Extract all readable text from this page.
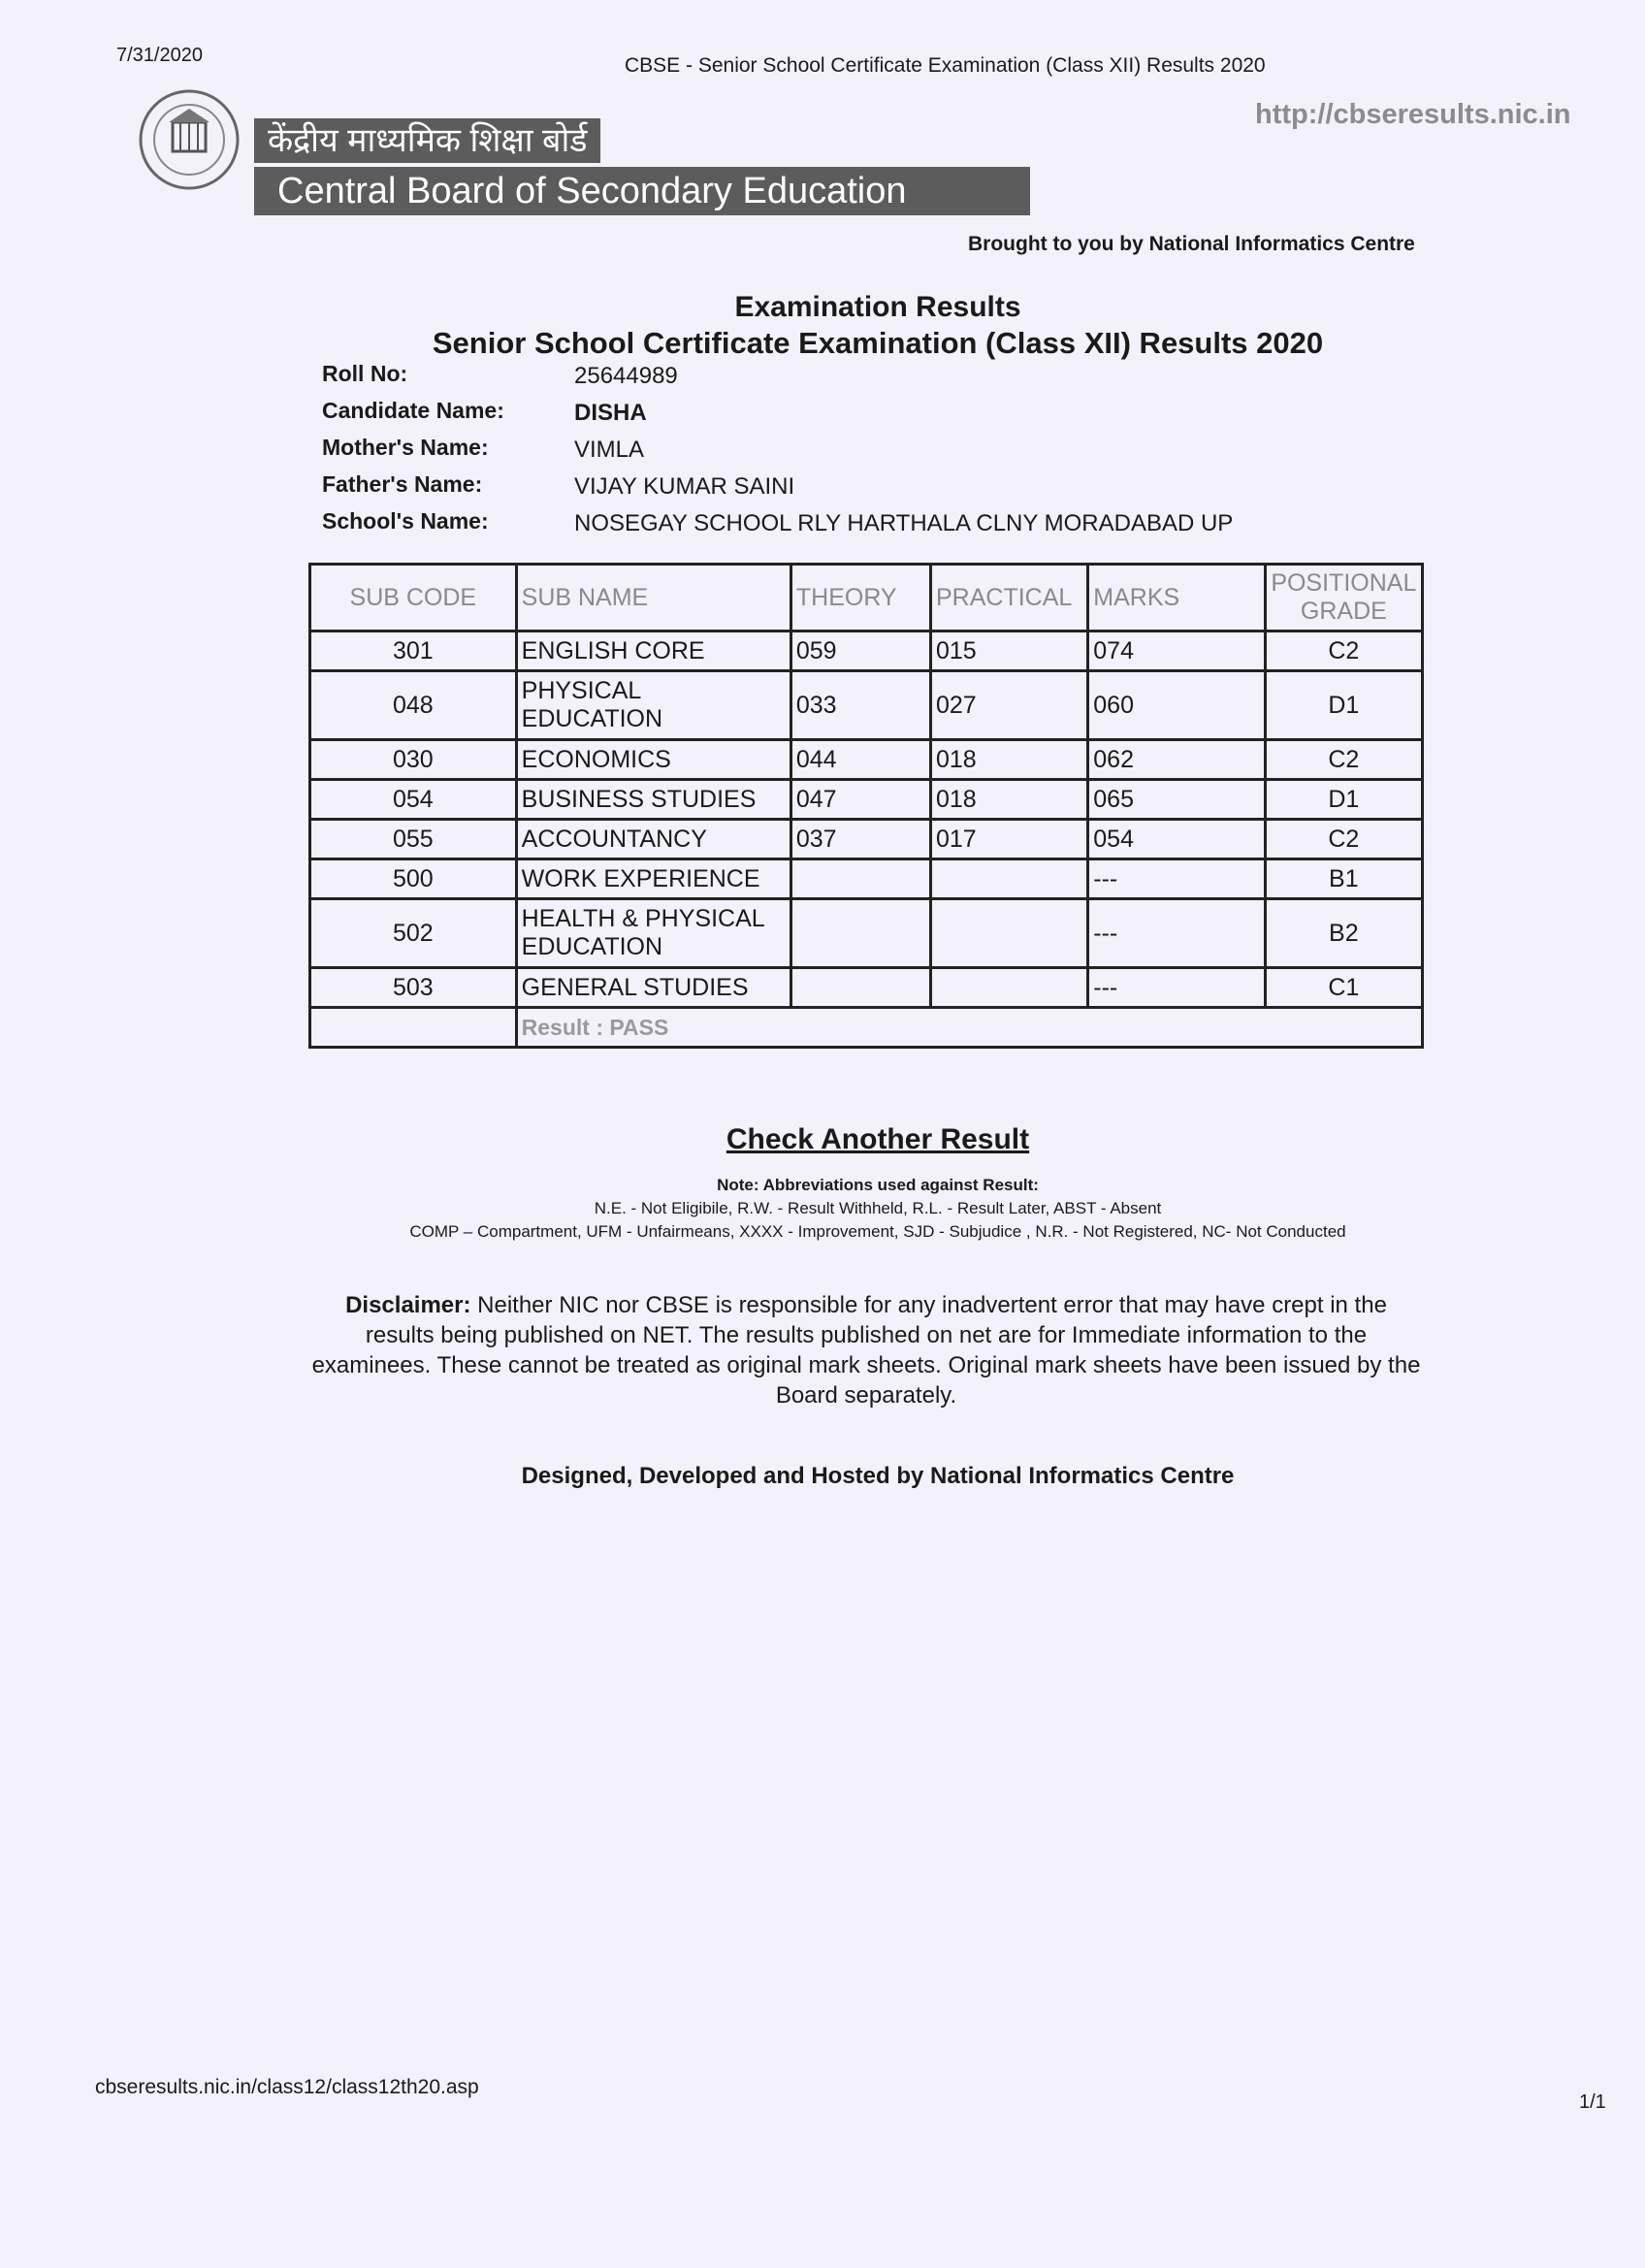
7/31/2020	CBSE - Senior School Certificate Examination (Class XII) Results 2020
http://cbseresults.nic.in
केंद्रीय माध्यमिक शिक्षा बोर्ड
Central Board of Secondary Education
Brought to you by National Informatics Centre
Examination Results
Senior School Certificate Examination (Class XII) Results 2020
Roll No:	25644989
Candidate Name:	DISHA
Mother's Name:	VIMLA
Father's Name:	VIJAY KUMAR SAINI
School's Name:	NOSEGAY SCHOOL RLY HARTHALA CLNY MORADABAD UP
SUB CODE	SUB NAME	THEORY	PRACTICAL	MARKS	POSITIONAL GRADE
301	ENGLISH CORE	059	015	074	C2
048	PHYSICAL EDUCATION	033	027	060	D1
030	ECONOMICS	044	018	062	C2
054	BUSINESS STUDIES	047	018	065	D1
055	ACCOUNTANCY	037	017	054	C2
500	WORK EXPERIENCE			---	B1
502	HEALTH & PHYSICAL EDUCATION			---	B2
503	GENERAL STUDIES			---	C1
	Result : PASS				
Check Another Result
Note: Abbreviations used against Result:
N.E. - Not Eligibile, R.W. - Result Withheld, R.L. - Result Later, ABST - Absent
COMP – Compartment, UFM - Unfairmeans, XXXX - Improvement, SJD - Subjudice , N.R. - Not Registered, NC- Not Conducted
Disclaimer: Neither NIC nor CBSE is responsible for any inadvertent error that may have crept in the results being published on NET. The results published on net are for Immediate information to the examinees. These cannot be treated as original mark sheets. Original mark sheets have been issued by the Board separately.
Designed, Developed and Hosted by National Informatics Centre
cbseresults.nic.in/class12/class12th20.asp
1/1
